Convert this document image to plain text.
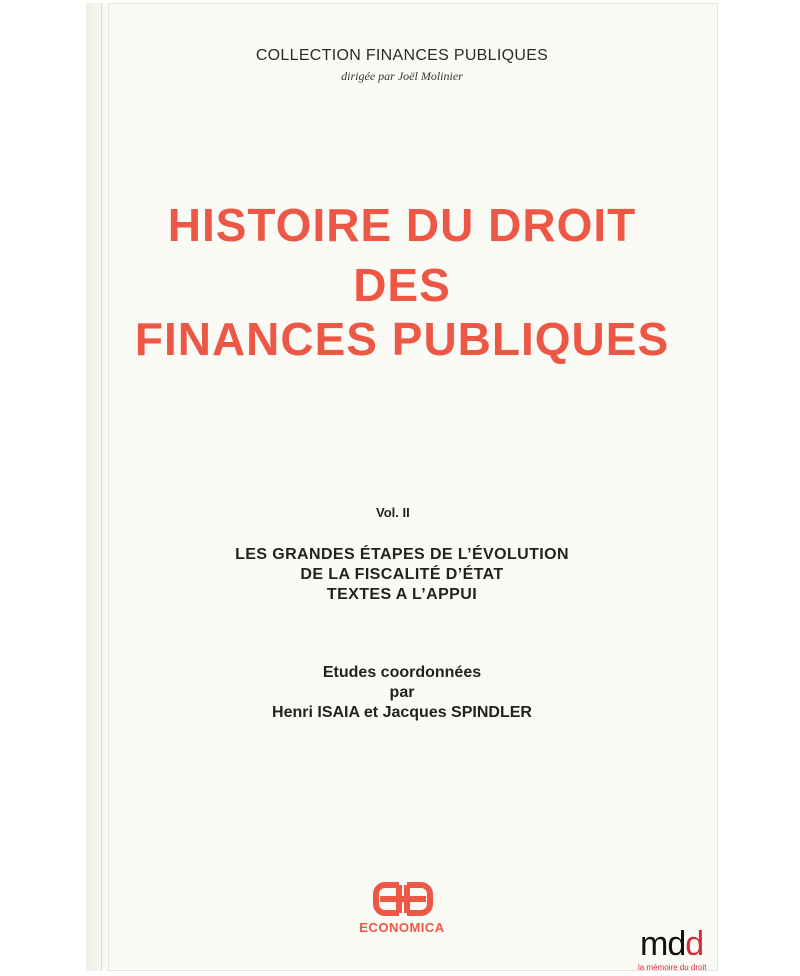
COLLECTION FINANCES PUBLIQUES
dirigée par Joël Molinier
HISTOIRE DU DROIT
DES
FINANCES PUBLIQUES
Vol. II
LES GRANDES ÉTAPES DE L’ÉVOLUTION
DE LA FISCALITÉ D’ÉTAT
TEXTES A L’APPUI
Etudes coordonnées
par
Henri ISAIA et Jacques SPINDLER
ECONOMICA	mdd
la mémoire du droit
